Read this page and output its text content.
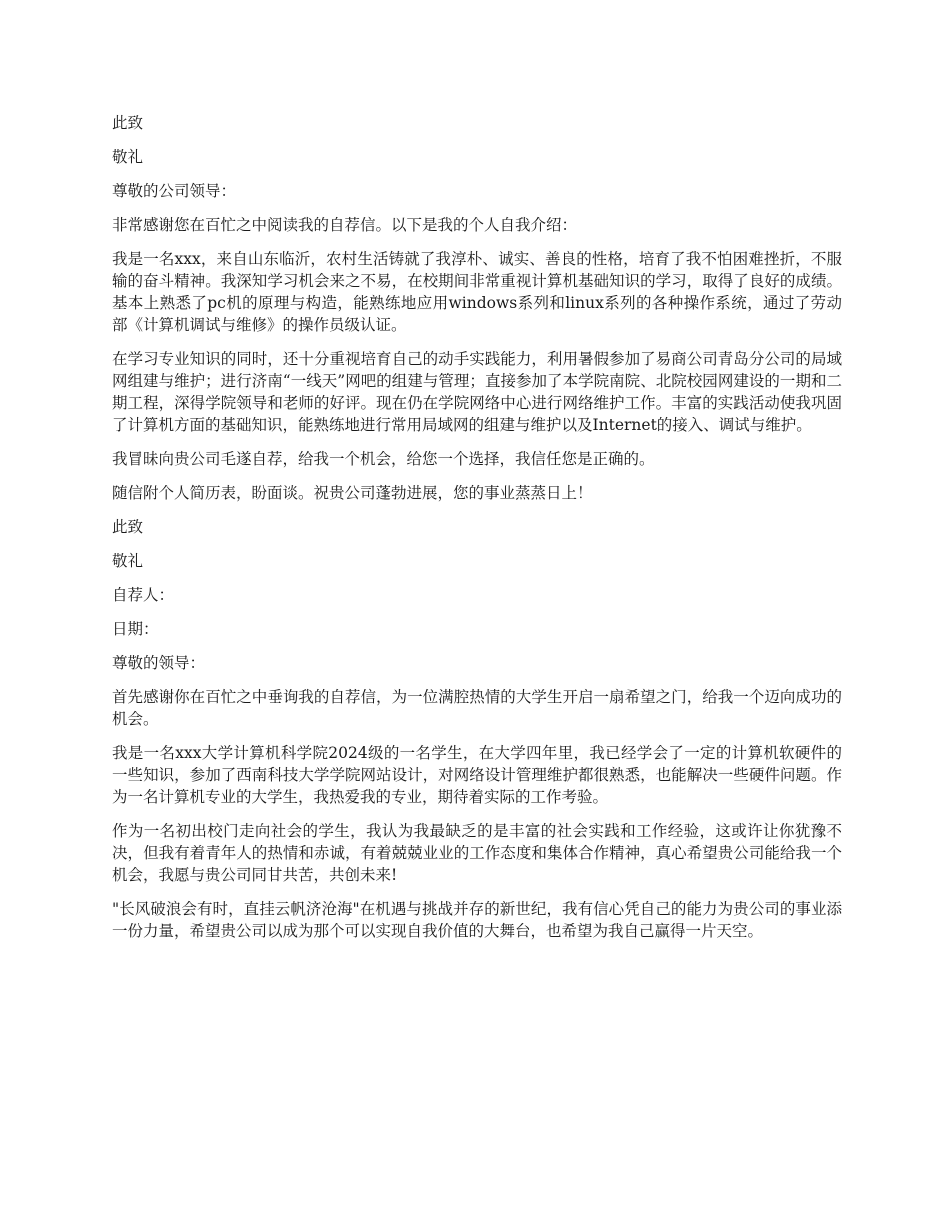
此致

敬礼

尊敬的公司领导：

非常感谢您在百忙之中阅读我的自荐信。以下是我的个人自我介绍：

我是一名xxx，来自山东临沂，农村生活铸就了我淳朴、诚实、善良的性格，培育了我不怕困难挫折，不服输的奋斗精神。我深知学习机会来之不易，在校期间非常重视计算机基础知识的学习，取得了良好的成绩。基本上熟悉了pc机的原理与构造，能熟练地应用windows系列和linux系列的各种操作系统，通过了劳动部《计算机调试与维修》的操作员级认证。

在学习专业知识的同时，还十分重视培育自己的动手实践能力，利用暑假参加了易商公司青岛分公司的局域网组建与维护；进行济南“一线天”网吧的组建与管理；直接参加了本学院南院、北院校园网建设的一期和二期工程，深得学院领导和老师的好评。现在仍在学院网络中心进行网络维护工作。丰富的实践活动使我巩固了计算机方面的基础知识，能熟练地进行常用局域网的组建与维护以及Internet的接入、调试与维护。

我冒昧向贵公司毛遂自荐，给我一个机会，给您一个选择，我信任您是正确的。

随信附个人简历表，盼面谈。祝贵公司蓬勃进展，您的事业蒸蒸日上！

此致

敬礼

自荐人：

日期：

尊敬的领导：

首先感谢你在百忙之中垂询我的自荐信，为一位满腔热情的大学生开启一扇希望之门，给我一个迈向成功的机会。

我是一名xxx大学计算机科学院2024级的一名学生，在大学四年里，我已经学会了一定的计算机软硬件的一些知识，参加了西南科技大学学院网站设计，对网络设计管理维护都很熟悉，也能解决一些硬件问题。作为一名计算机专业的大学生，我热爱我的专业，期待着实际的工作考验。

作为一名初出校门走向社会的学生，我认为我最缺乏的是丰富的社会实践和工作经验，这或许让你犹豫不决，但我有着青年人的热情和赤诚，有着兢兢业业的工作态度和集体合作精神，真心希望贵公司能给我一个机会，我愿与贵公司同甘共苦，共创未来!

"长风破浪会有时，直挂云帆济沧海"在机遇与挑战并存的新世纪，我有信心凭自己的能力为贵公司的事业添一份力量，希望贵公司以成为那个可以实现自我价值的大舞台，也希望为我自己赢得一片天空。
